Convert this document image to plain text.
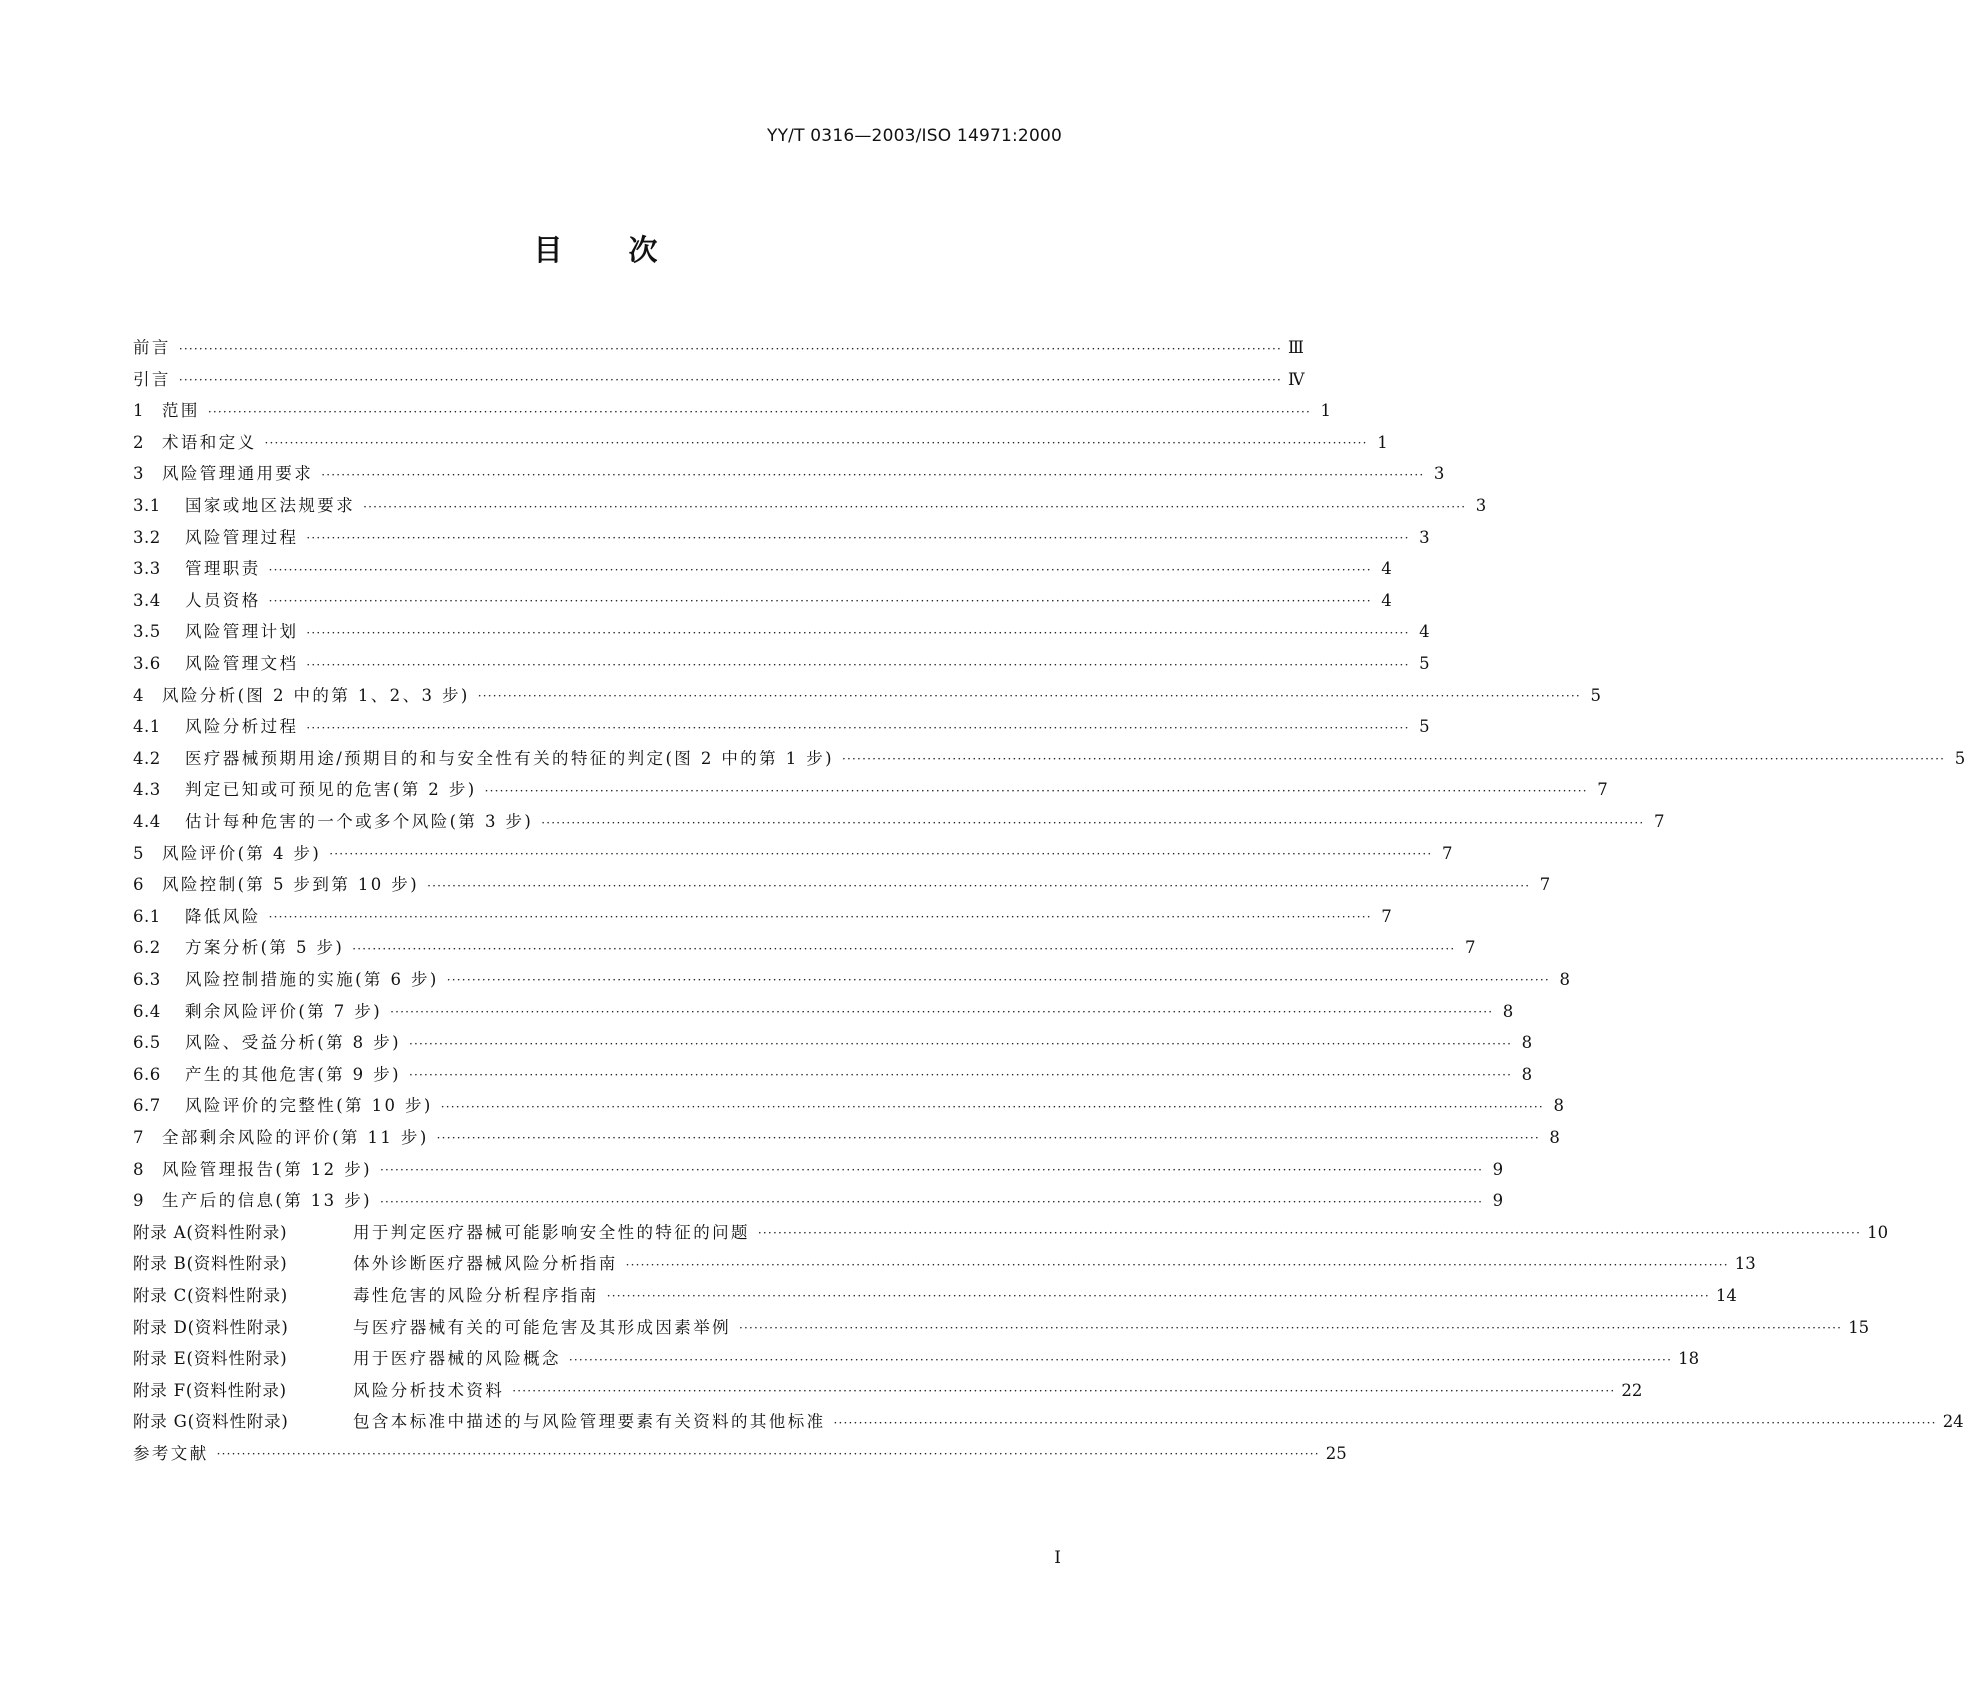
YY/T 0316—2003/ISO 14971:2000
目次
前言 ···························································································································································································································· Ⅲ
引言 ···························································································································································································································· Ⅳ
1	范围 ···························································································································································································································· 1
2	术语和定义 ···························································································································································································································· 1
3	风险管理通用要求 ···························································································································································································································· 3
3.1	国家或地区法规要求 ···························································································································································································································· 3
3.2	风险管理过程 ···························································································································································································································· 3
3.3	管理职责 ···························································································································································································································· 4
3.4	人员资格 ···························································································································································································································· 4
3.5	风险管理计划 ···························································································································································································································· 4
3.6	风险管理文档 ···························································································································································································································· 5
4	风险分析(图 2 中的第 1、2、3 步) ···························································································································································································································· 5
4.1	风险分析过程 ···························································································································································································································· 5
4.2	医疗器械预期用途/预期目的和与安全性有关的特征的判定(图 2 中的第 1 步) ···························································································································································································································· 5
4.3	判定已知或可预见的危害(第 2 步) ···························································································································································································································· 7
4.4	估计每种危害的一个或多个风险(第 3 步) ···························································································································································································································· 7
5	风险评价(第 4 步) ···························································································································································································································· 7
6	风险控制(第 5 步到第 10 步) ···························································································································································································································· 7
6.1	降低风险 ···························································································································································································································· 7
6.2	方案分析(第 5 步) ···························································································································································································································· 7
6.3	风险控制措施的实施(第 6 步) ···························································································································································································································· 8
6.4	剩余风险评价(第 7 步) ···························································································································································································································· 8
6.5	风险、受益分析(第 8 步) ···························································································································································································································· 8
6.6	产生的其他危害(第 9 步) ···························································································································································································································· 8
6.7	风险评价的完整性(第 10 步) ···························································································································································································································· 8
7	全部剩余风险的评价(第 11 步) ···························································································································································································································· 8
8	风险管理报告(第 12 步) ···························································································································································································································· 9
9	生产后的信息(第 13 步) ···························································································································································································································· 9
附录 A(资料性附录)	用于判定医疗器械可能影响安全性的特征的问题 ···························································································································································································································· 10
附录 B(资料性附录)	体外诊断医疗器械风险分析指南 ···························································································································································································································· 13
附录 C(资料性附录)	毒性危害的风险分析程序指南 ···························································································································································································································· 14
附录 D(资料性附录)	与医疗器械有关的可能危害及其形成因素举例 ···························································································································································································································· 15
附录 E(资料性附录)	用于医疗器械的风险概念 ···························································································································································································································· 18
附录 F(资料性附录)	风险分析技术资料 ···························································································································································································································· 22
附录 G(资料性附录)	包含本标准中描述的与风险管理要素有关资料的其他标准 ···························································································································································································································· 24
参考文献 ···························································································································································································································· 25
I
